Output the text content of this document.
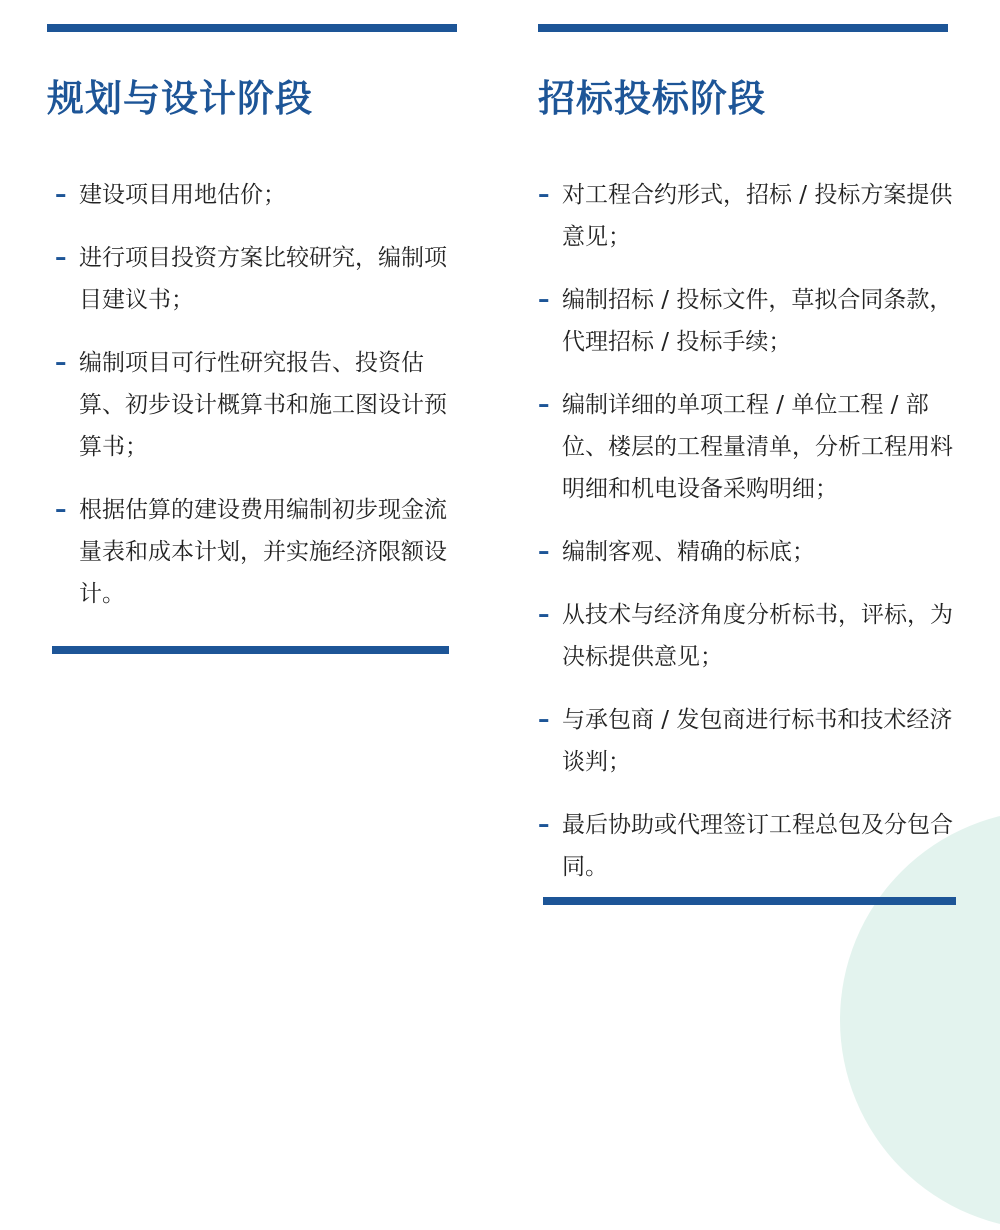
规划与设计阶段
– 建设项目用地估价；
– 进行项目投资方案比较研究，编制项目建议书；
– 编制项目可行性研究报告、投资估算、初步设计概算书和施工图设计预算书；
– 根据估算的建设费用编制初步现金流量表和成本计划，并实施经济限额设计。
招标投标阶段
– 对工程合约形式，招标 / 投标方案提供意见；
– 编制招标 / 投标文件，草拟合同条款，代理招标 / 投标手续；
– 编制详细的单项工程 / 单位工程 / 部位、楼层的工程量清单，分析工程用料明细和机电设备采购明细；
– 编制客观、精确的标底；
– 从技术与经济角度分析标书，评标，为决标提供意见；
– 与承包商 / 发包商进行标书和技术经济谈判；
– 最后协助或代理签订工程总包及分包合同。
